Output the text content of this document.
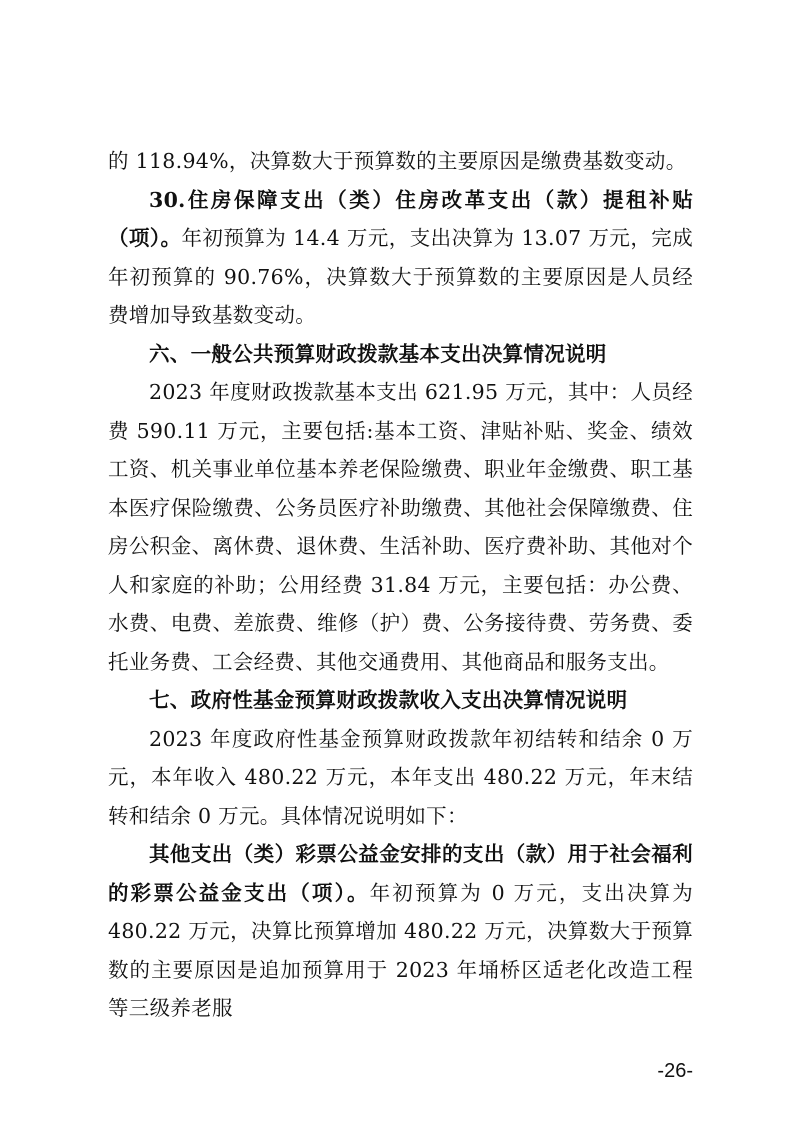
的 118.94%，决算数大于预算数的主要原因是缴费基数变动。

30.住房保障支出（类）住房改革支出（款）提租补贴（项）。年初预算为 14.4 万元，支出决算为 13.07 万元，完成年初预算的 90.76%，决算数大于预算数的主要原因是人员经费增加导致基数变动。

六、一般公共预算财政拨款基本支出决算情况说明

2023 年度财政拨款基本支出 621.95 万元，其中：人员经费 590.11 万元，主要包括:基本工资、津贴补贴、奖金、绩效工资、机关事业单位基本养老保险缴费、职业年金缴费、职工基本医疗保险缴费、公务员医疗补助缴费、其他社会保障缴费、住房公积金、离休费、退休费、生活补助、医疗费补助、其他对个人和家庭的补助；公用经费 31.84 万元，主要包括：办公费、水费、电费、差旅费、维修（护）费、公务接待费、劳务费、委托业务费、工会经费、其他交通费用、其他商品和服务支出。

七、政府性基金预算财政拨款收入支出决算情况说明

2023 年度政府性基金预算财政拨款年初结转和结余 0 万元，本年收入 480.22 万元，本年支出 480.22 万元，年末结转和结余 0 万元。具体情况说明如下：

其他支出（类）彩票公益金安排的支出（款）用于社会福利的彩票公益金支出（项）。年初预算为 0 万元，支出决算为 480.22 万元，决算比预算增加 480.22 万元，决算数大于预算数的主要原因是追加预算用于 2023 年埇桥区适老化改造工程等三级养老服

-26-
